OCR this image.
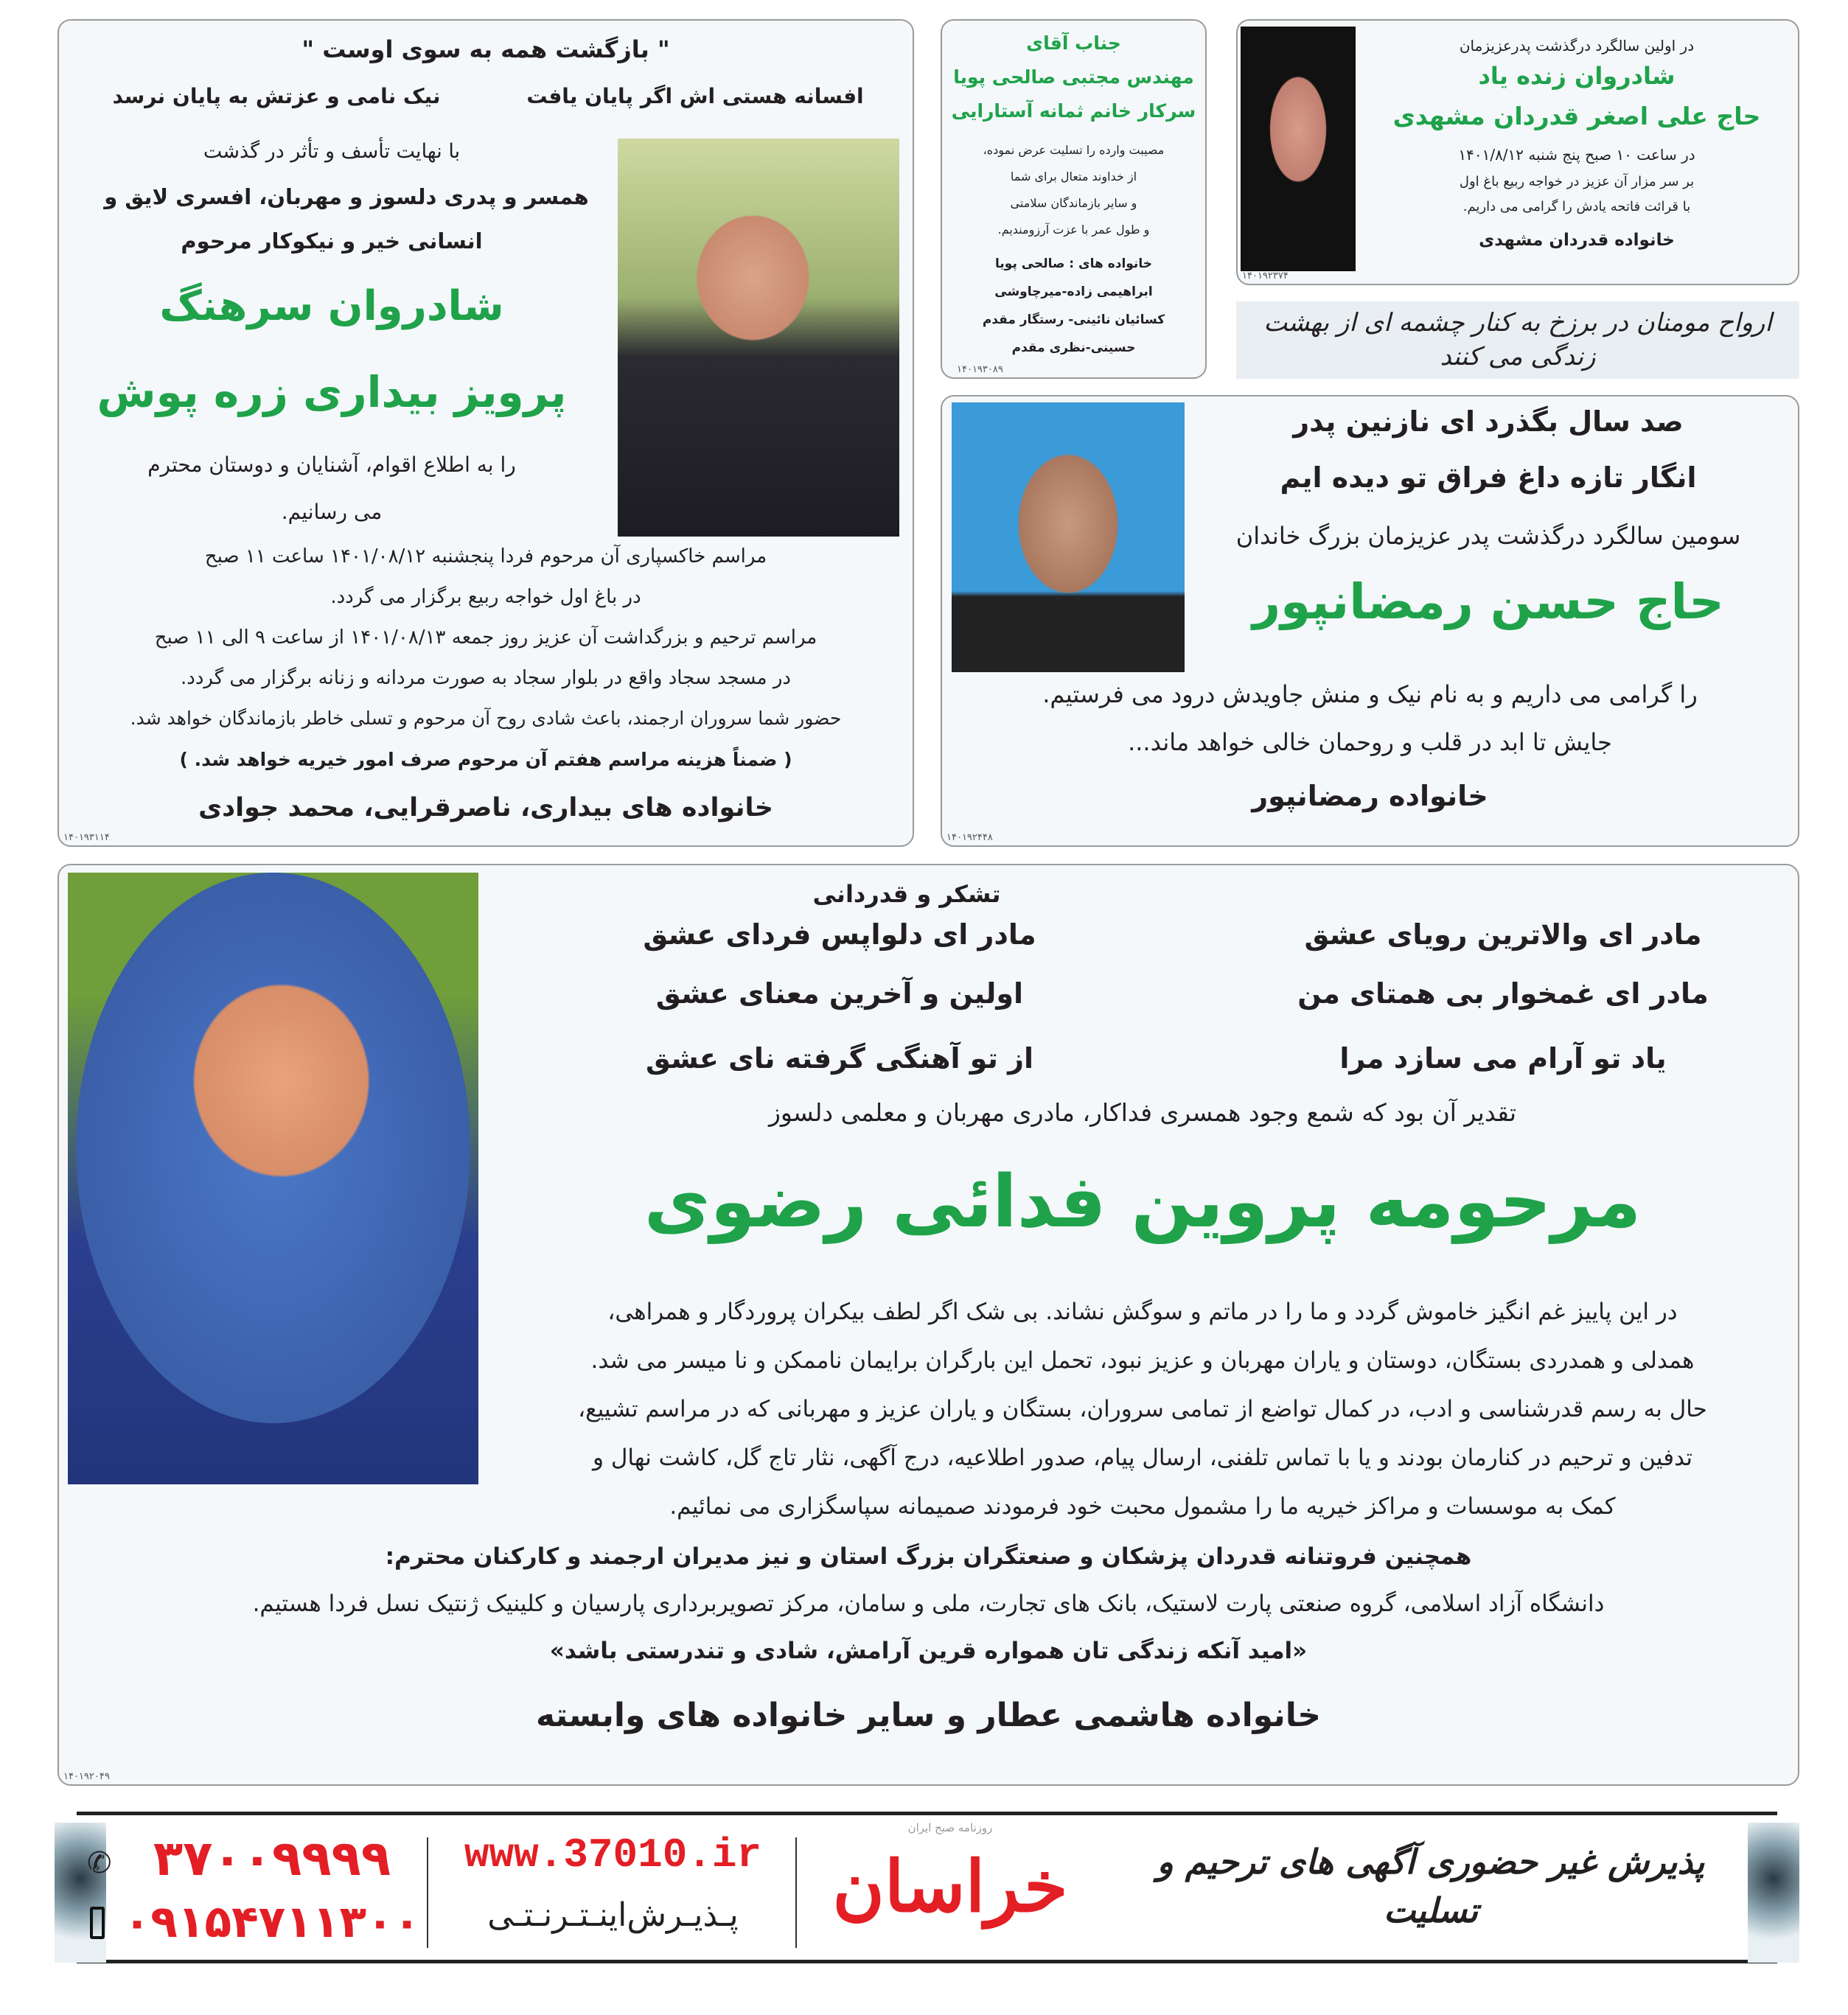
در اولین سالگرد درگذشت پدرعزیزمان
شادروان زنده یاد
حاج علی اصغر قدردان مشهدی
در ساعت ۱۰ صبح پنج شنبه ۱۴۰۱/۸/۱۲
بر سر مزار آن عزیز در خواجه ربیع باغ اول
با قرائت فاتحه یادش را گرامی می داریم.
خانواده قدردان مشهدی
۱۴۰۱۹۲۳۷۴
ارواح مومنان در برزخ به کنار چشمه ای از بهشت زندگی می کنند
جناب آقای
مهندس مجتبی صالحی پویا
سرکار خانم ثمانه آستارایی
مصیبت وارده را تسلیت عرض نموده،
از خداوند متعال برای شما
و سایر بازماندگان سلامتی
و طول عمر با عزت آرزومندیم.
خانواده های : صالحی پویا
ابراهیمی زاده-میرچاوشی
کسائیان نائینی- رستگار مقدم
حسینی-نظری مقدم
۱۴۰۱۹۳۰۸۹
" بازگشت همه به سوی اوست "
افسانه هستی اش اگر پایان یافت
نیک نامی و عزتش به پایان نرسد
با نهایت تأسف و تأثر در گذشت
همسر و پدری دلسوز و مهربان، افسری لایق و
انسانی خیر و نیکوکار مرحوم
شادروان سرهنگ
پرویز بیداری زره پوش
را به اطلاع اقوام، آشنایان و دوستان محترم
می رسانیم.
مراسم خاکسپاری آن مرحوم فردا پنجشنبه ۱۴۰۱/۰۸/۱۲ ساعت ۱۱ صبح
در باغ اول خواجه ربیع برگزار می گردد.
مراسم ترحیم و بزرگداشت آن عزیز روز جمعه ۱۴۰۱/۰۸/۱۳ از ساعت ۹ الی ۱۱ صبح
در مسجد سجاد واقع در بلوار سجاد به صورت مردانه و زنانه برگزار می گردد.
حضور شما سروران ارجمند، باعث شادی روح آن مرحوم و تسلی خاطر بازماندگان خواهد شد.
( ضمناً هزینه مراسم هفتم آن مرحوم صرف امور خیریه خواهد شد. )
خانواده های بیداری، ناصرقرایی، محمد جوادی
۱۴۰۱۹۳۱۱۴
صد سال بگذرد ای نازنین پدر
انگار تازه داغ فراق تو دیده ایم
سومین سالگرد درگذشت پدر عزیزمان بزرگ خاندان
حاج حسن رمضانپور
را گرامی می داریم و به نام نیک و منش جاویدش درود می فرستیم.
جایش تا ابد در قلب و روحمان خالی خواهد ماند...
خانواده رمضانپور
۱۴۰۱۹۲۴۴۸
تشکر و قدردانی
مادر ای والاترین رویای عشق
مادر ای دلواپس فردای عشق
مادر ای غمخوار بی همتای من
اولین و آخرین معنای عشق
یاد تو آرام می سازد مرا
از تو آهنگی گرفته نای عشق
تقدیر آن بود که شمع وجود همسری فداکار، مادری مهربان و معلمی دلسوز
مرحومه پروین فدائی رضوی
در این پاییز غم انگیز خاموش گردد و ما را در ماتم و سوگش نشاند. بی شک اگر لطف بیکران پروردگار و همراهی،
همدلی و همدردی بستگان، دوستان و یاران مهربان و عزیز نبود، تحمل این بارگران برایمان ناممکن و نا میسر می شد.
حال به رسم قدرشناسی و ادب، در کمال تواضع از تمامی سروران، بستگان و یاران عزیز و مهربانی که در مراسم تشییع،
تدفین و ترحیم در کنارمان بودند و یا با تماس تلفنی، ارسال پیام، صدور اطلاعیه، درج آگهی، نثار تاج گل، کاشت نهال و
کمک به موسسات و مراکز خیریه ما را مشمول محبت خود فرمودند صمیمانه سپاسگزاری می نمائیم.
همچنین فروتنانه قدردان پزشکان و صنعتگران بزرگ استان و نیز مدیران ارجمند و کارکنان محترم:
دانشگاه آزاد اسلامی، گروه صنعتی پارت لاستیک، بانک های تجارت، ملی و سامان، مرکز تصویربرداری پارسیان و کلینیک ژنتیک نسل فردا هستیم.
«امید آنکه زندگی تان همواره قرین آرامش، شادی و تندرستی باشد»
خانواده هاشمی عطار و سایر خانواده های وابسته
۱۴۰۱۹۲۰۴۹
پذیرش غیر حضوری آگهی های ترحیم و تسلیت
خراسان
روزنامه صبح ایران
www.37010.ir
پـذیـرش‌اینـتـرنـتـی
✆ ۳۷۰۰۹۹۹۹
۰۹۱۵۴۷۱۱۳۰۰
